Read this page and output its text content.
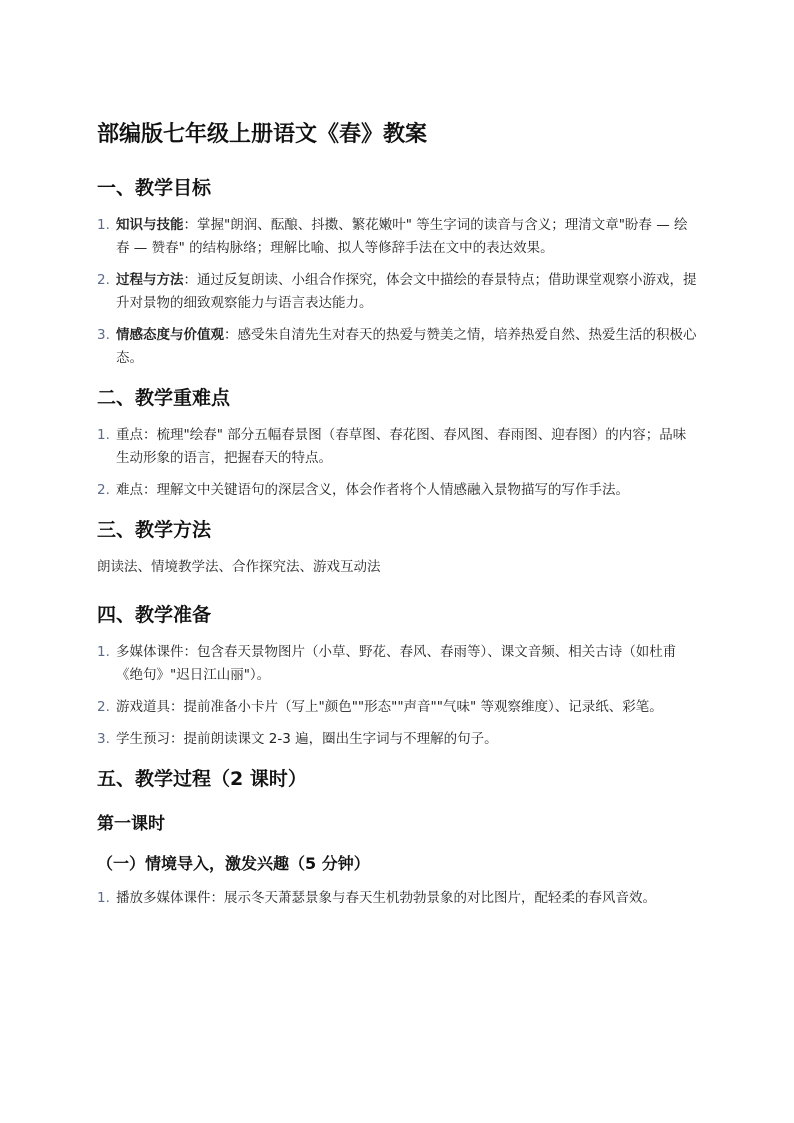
部编版七年级上册语文《春》教案
一、教学目标
1. 知识与技能：掌握"朗润、酝酿、抖擞、繁花嫩叶" 等生字词的读音与含义；理清文章"盼春 — 绘春 — 赞春" 的结构脉络；理解比喻、拟人等修辞手法在文中的表达效果。
2. 过程与方法：通过反复朗读、小组合作探究，体会文中描绘的春景特点；借助课堂观察小游戏，提升对景物的细致观察能力与语言表达能力。
3. 情感态度与价值观：感受朱自清先生对春天的热爱与赞美之情，培养热爱自然、热爱生活的积极心态。
二、教学重难点
1. 重点：梳理"绘春" 部分五幅春景图（春草图、春花图、春风图、春雨图、迎春图）的内容；品味生动形象的语言，把握春天的特点。
2. 难点：理解文中关键语句的深层含义，体会作者将个人情感融入景物描写的写作手法。
三、教学方法

朗读法、情境教学法、合作探究法、游戏互动法

四、教学准备
1. 多媒体课件：包含春天景物图片（小草、野花、春风、春雨等）、课文音频、相关古诗（如杜甫《绝句》"迟日江山丽"）。
2. 游戏道具：提前准备小卡片（写上"颜色""形态""声音""气味" 等观察维度）、记录纸、彩笔。
3. 学生预习：提前朗读课文 2-3 遍，圈出生字词与不理解的句子。
五、教学过程（2 课时）
第一课时
（一）情境导入，激发兴趣（5 分钟）
1. 播放多媒体课件：展示冬天萧瑟景象与春天生机勃勃景象的对比图片，配轻柔的春风音效。
